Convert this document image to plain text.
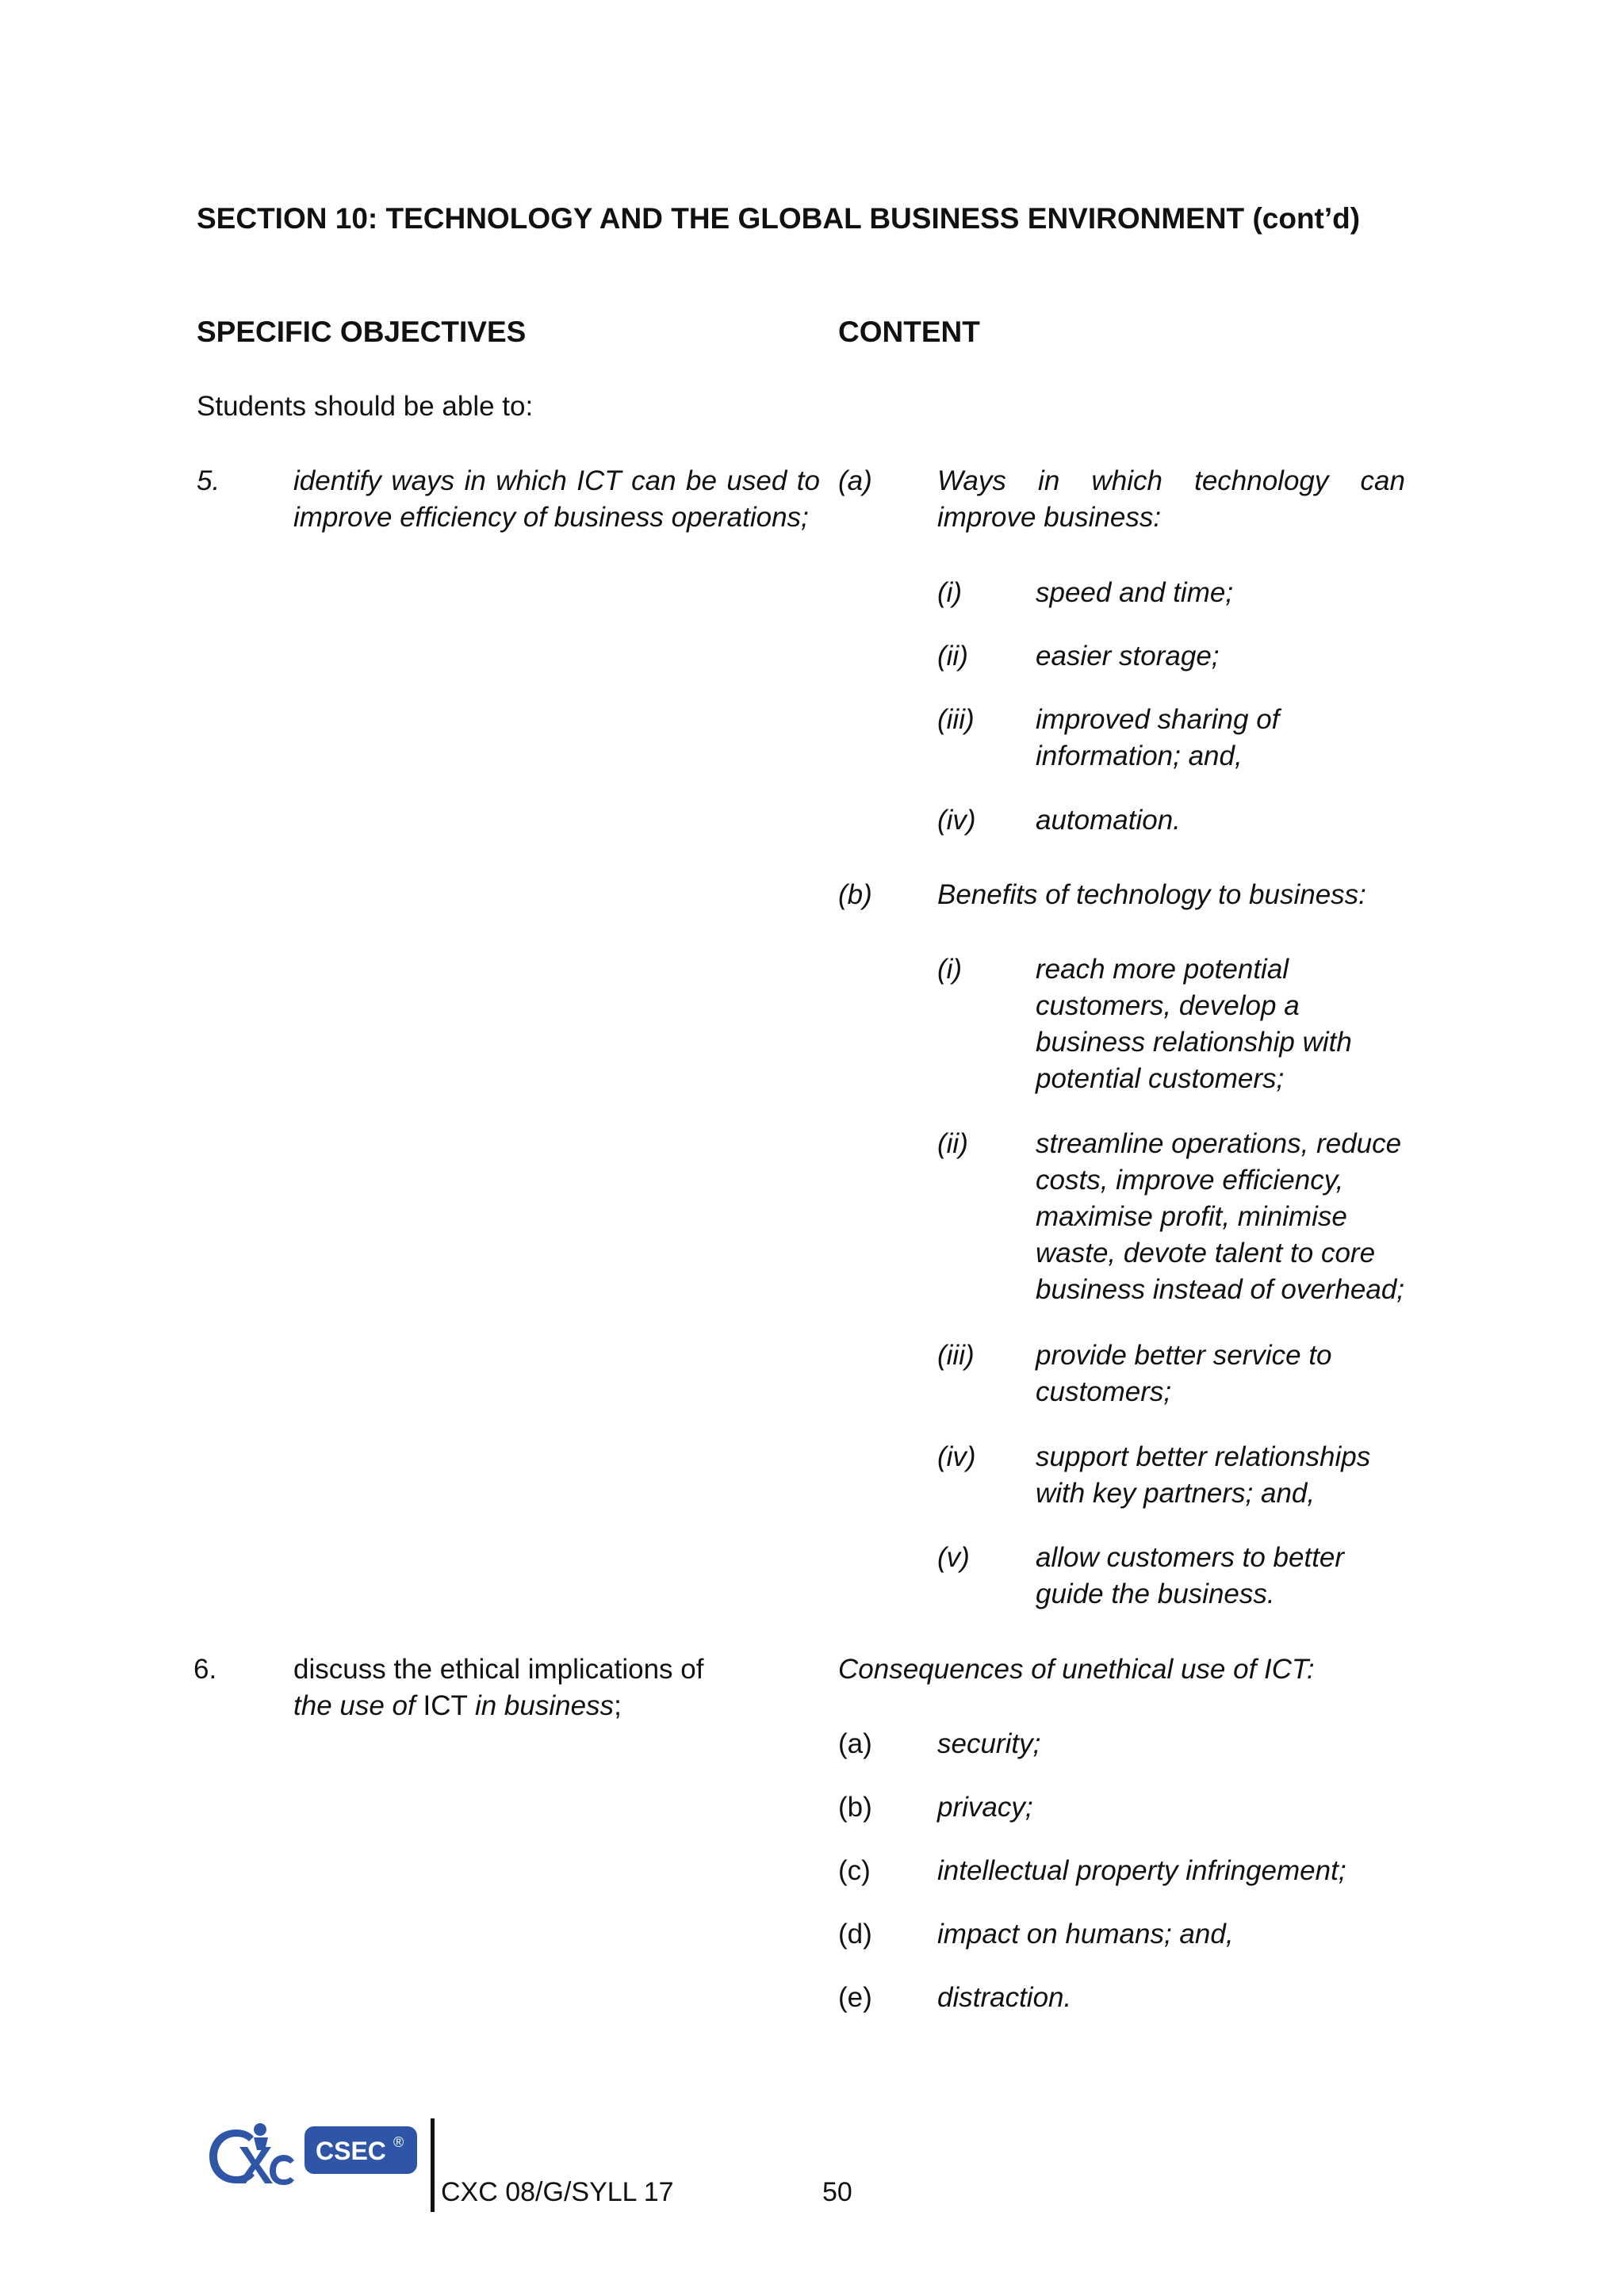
SECTION 10: TECHNOLOGY AND THE GLOBAL BUSINESS ENVIRONMENT (cont’d)
SPECIFIC OBJECTIVES	CONTENT
Students should be able to:
5.	identify ways in which ICT can be used to improve efficiency of business operations;
(a) Ways in which technology can improve business:
(i)	speed and time;
(ii) easier storage;
(iii) improved sharing of information; and,
(iv) automation.
(b) Benefits of technology to business:
(i)	reach more potential customers, develop a business relationship with potential customers;
(ii) streamline operations, reduce costs, improve efficiency, maximise profit, minimise waste, devote talent to core business instead of overhead;
(iii) provide better service to customers;
(iv) support better relationships with key partners; and,
(v) allow customers to better guide the business.
6.	discuss the ethical implications of
the use of ICT in business;
Consequences of unethical use of ICT:
(a) security;
(b) privacy;
(c) intellectual property infringement;
(d) impact on humans; and,
(e) distraction.
CSEC ®
CXC 08/G/SYLL 17	50
